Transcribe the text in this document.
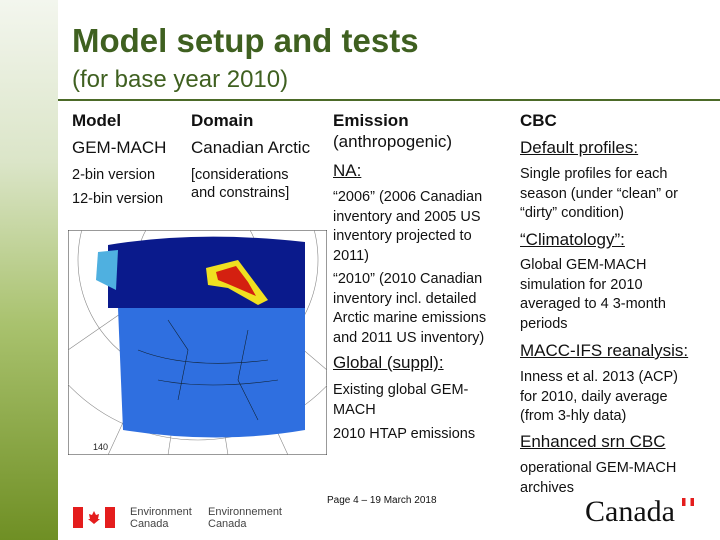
Model setup and tests
(for base year 2010)
Model
GEM-MACH
2-bin version
12-bin version
Domain
Canadian Arctic
[considerations
and constrains]
Emission
(anthropogenic)
NA:
“2006” (2006 Canadian
inventory and 2005 US
inventory projected to
2011)
“2010” (2010 Canadian
inventory incl. detailed
Arctic marine emissions
and 2011 US inventory)
Global (suppl):
Existing global GEM-
MACH
2010 HTAP emissions
CBC
Default profiles:
Single profiles for each
season (under “clean” or
“dirty” condition)
“Climatology”:
Global GEM-MACH
simulation for 2010
averaged to 4 3-month
periods
MACC-IFS reanalysis:
Inness et al. 2013 (ACP)
for 2010, daily average
(from 3-hly data)
Enhanced srn CBC
operational GEM-MACH
archives
140
Page 4 – 19 March 2018
Environment
Canada
Environnement
Canada	Canada
